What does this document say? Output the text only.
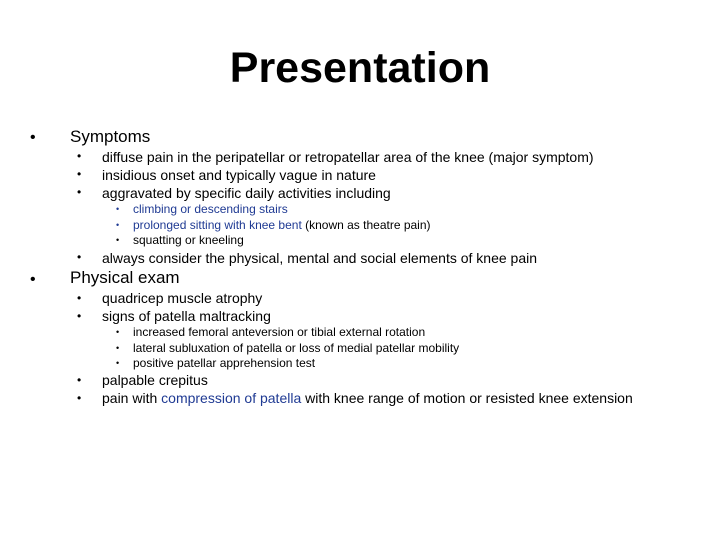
Presentation
• Symptoms
• diffuse pain in the peripatellar or retropatellar area of the knee (major symptom)
• insidious onset and typically vague in nature
• aggravated by specific daily activities including
• climbing or descending stairs
• prolonged sitting with knee bent (known as theatre pain)
• squatting or kneeling
• always consider the physical, mental and social elements of knee pain
• Physical exam
• quadricep muscle atrophy
• signs of patella maltracking
• increased femoral anteversion or tibial external rotation
• lateral subluxation of patella or loss of medial patellar mobility
• positive patellar apprehension test
• palpable crepitus
• pain with compression of patella with knee range of motion or resisted knee extension
